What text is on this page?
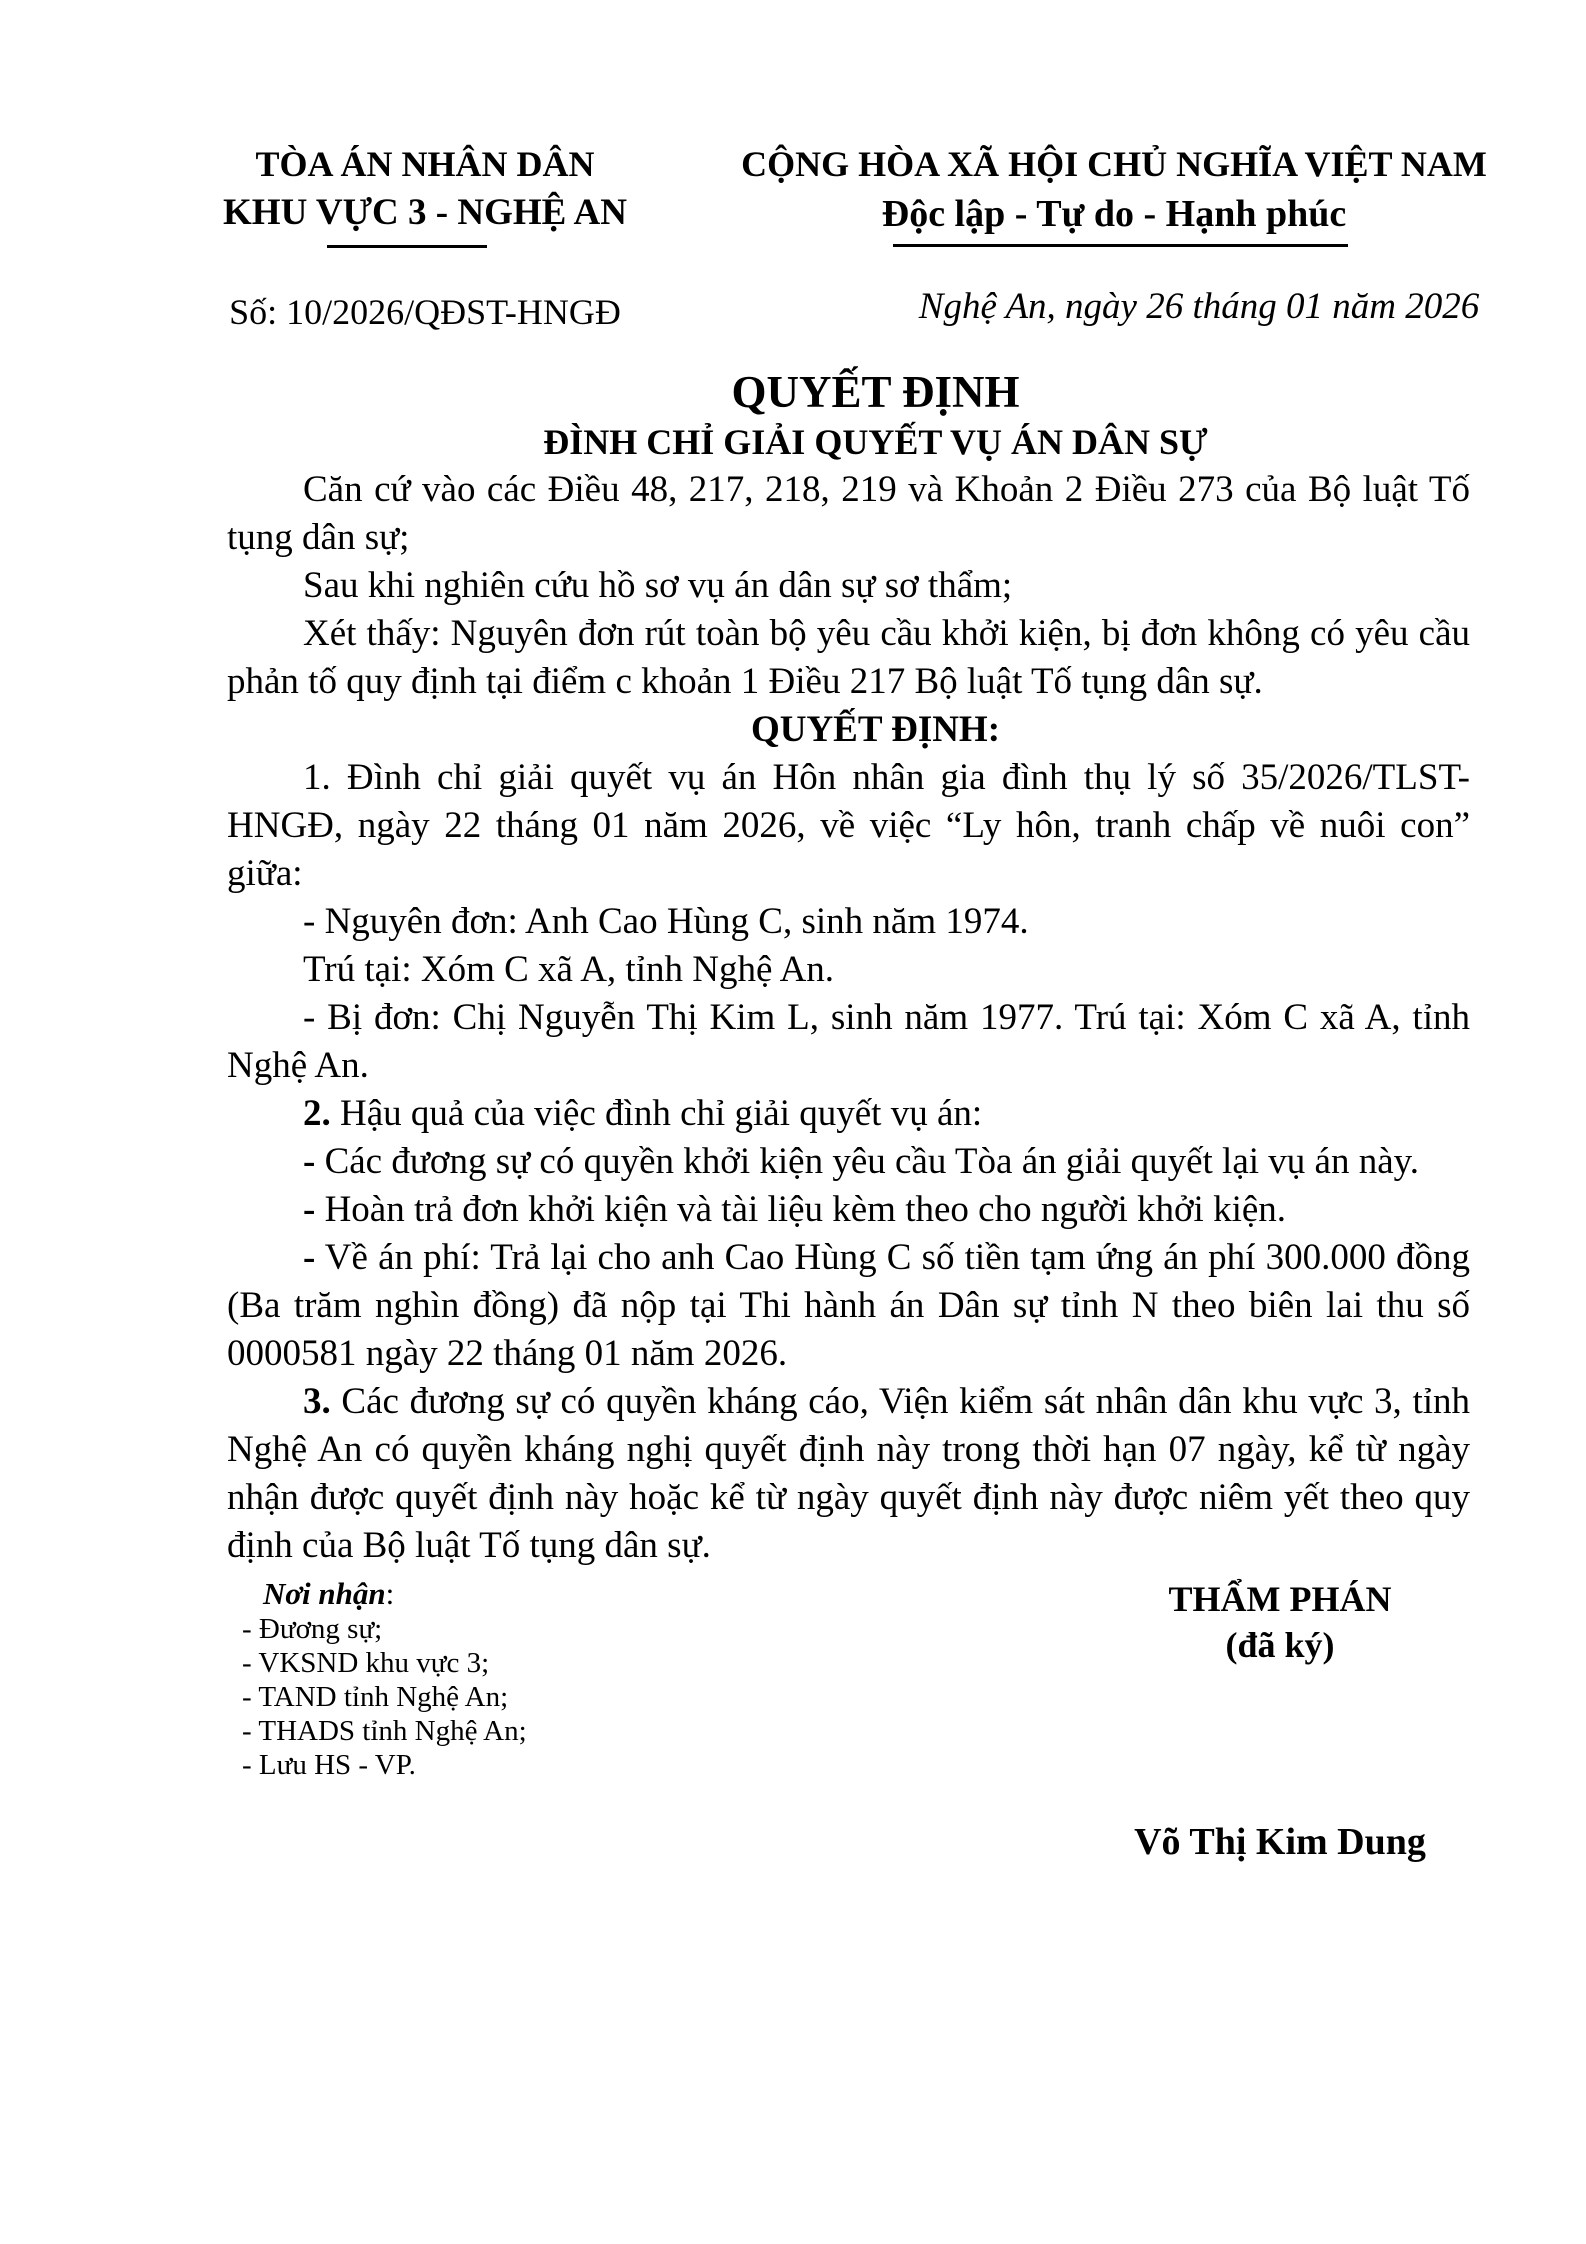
TÒA ÁN NHÂN DÂN
KHU VỰC 3 - NGHỆ AN
Số: 10/2026/QĐST-HNGĐ
CỘNG HÒA XÃ HỘI CHỦ NGHĨA VIỆT NAM
Độc lập - Tự do - Hạnh phúc
Nghệ An, ngày 26 tháng 01 năm 2026
QUYẾT ĐỊNH
ĐÌNH CHỈ GIẢI QUYẾT VỤ ÁN DÂN SỰ

Căn cứ vào các Điều 48, 217, 218, 219 và Khoản 2 Điều 273 của Bộ luật Tố tụng dân sự;

Sau khi nghiên cứu hồ sơ vụ án dân sự sơ thẩm;

Xét thấy: Nguyên đơn rút toàn bộ yêu cầu khởi kiện, bị đơn không có yêu cầu phản tố quy định tại điểm c khoản 1 Điều 217 Bộ luật Tố tụng dân sự.

QUYẾT ĐỊNH:

1. Đình chỉ giải quyết vụ án Hôn nhân gia đình thụ lý số 35/2026/TLST-HNGĐ, ngày 22 tháng 01 năm 2026, về việc “Ly hôn, tranh chấp về nuôi con” giữa:

- Nguyên đơn: Anh Cao Hùng C, sinh năm 1974.

Trú tại: Xóm C xã A, tỉnh Nghệ An.

- Bị đơn: Chị Nguyễn Thị Kim L, sinh năm 1977. Trú tại: Xóm C xã A, tỉnh Nghệ An.

2. Hậu quả của việc đình chỉ giải quyết vụ án:

- Các đương sự có quyền khởi kiện yêu cầu Tòa án giải quyết lại vụ án này.

- Hoàn trả đơn khởi kiện và tài liệu kèm theo cho người khởi kiện.

- Về án phí: Trả lại cho anh Cao Hùng C số tiền tạm ứng án phí 300.000 đồng (Ba trăm nghìn đồng) đã nộp tại Thi hành án Dân sự tỉnh N theo biên lai thu số 0000581 ngày 22 tháng 01 năm 2026.

3. Các đương sự có quyền kháng cáo, Viện kiểm sát nhân dân khu vực 3, tỉnh Nghệ An có quyền kháng nghị quyết định này trong thời hạn 07 ngày, kể từ ngày nhận được quyết định này hoặc kể từ ngày quyết định này được niêm yết theo quy định của Bộ luật Tố tụng dân sự.

Nơi nhận:
- Đương sự;
- VKSND khu vực 3;
- TAND tỉnh Nghệ An;
- THADS tỉnh Nghệ An;
- Lưu HS - VP.
THẨM PHÁN
(đã ký)
Võ Thị Kim Dung
